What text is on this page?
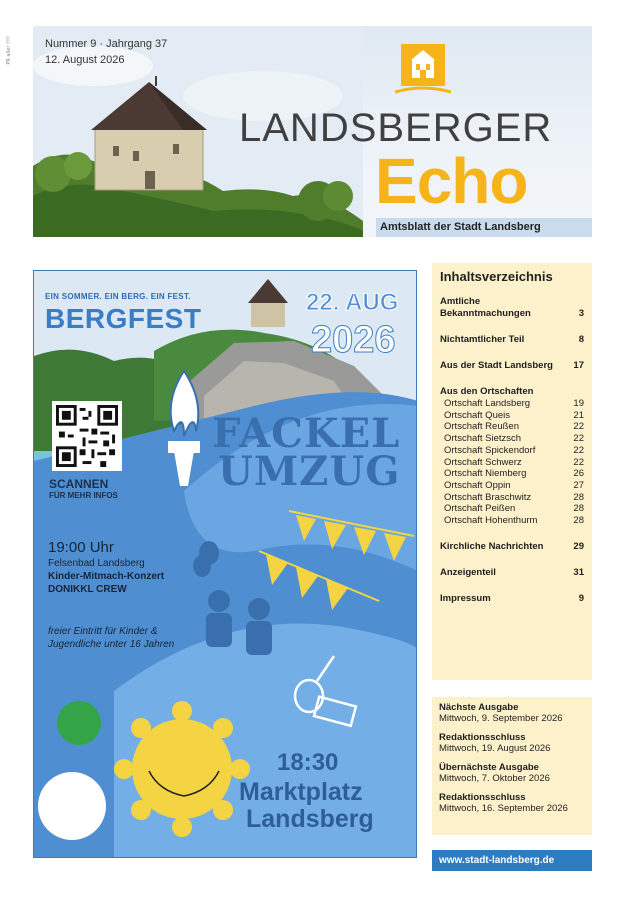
PR aller !!!!	Nummer 9 · Jahrgang 37
12. August 2026
LANDSBERGER
Echo
Amtsblatt der Stadt Landsberg
EIN SOMMER. EIN BERG. EIN FEST.
BERGFEST
22. AUG
2026
SCANNEN
FÜR MEHR INFOS
FACKEL
UMZUG
19:00 Uhr
Felsenbad Landsberg
Kinder-Mitmach-Konzert
DONIKKL CREW
freier Eintritt für Kinder & Jugendliche unter 16 Jahren
18:30
Marktplatz
Landsberg
Inhaltsverzeichnis
Amtliche Bekanntmachungen	3
Nichtamtlicher Teil	8
Aus der Stadt Landsberg	17
Aus den Ortschaften
Ortschaft Landsberg	19
Ortschaft Queis	21
Ortschaft Reußen	22
Ortschaft Sietzsch	22
Ortschaft Spickendorf	22
Ortschaft Schwerz	22
Ortschaft Niemberg	26
Ortschaft Oppin	27
Ortschaft Braschwitz	28
Ortschaft Peißen	28
Ortschaft Hohenthurm	28
Kirchliche Nachrichten	29
Anzeigenteil	31
Impressum	9
Nächste Ausgabe
Mittwoch, 9. September 2026
Redaktionsschluss
Mittwoch, 19. August 2026
Übernächste Ausgabe
Mittwoch, 7. Oktober 2026
Redaktionsschluss
Mittwoch, 16. September 2026
www.stadt-landsberg.de
